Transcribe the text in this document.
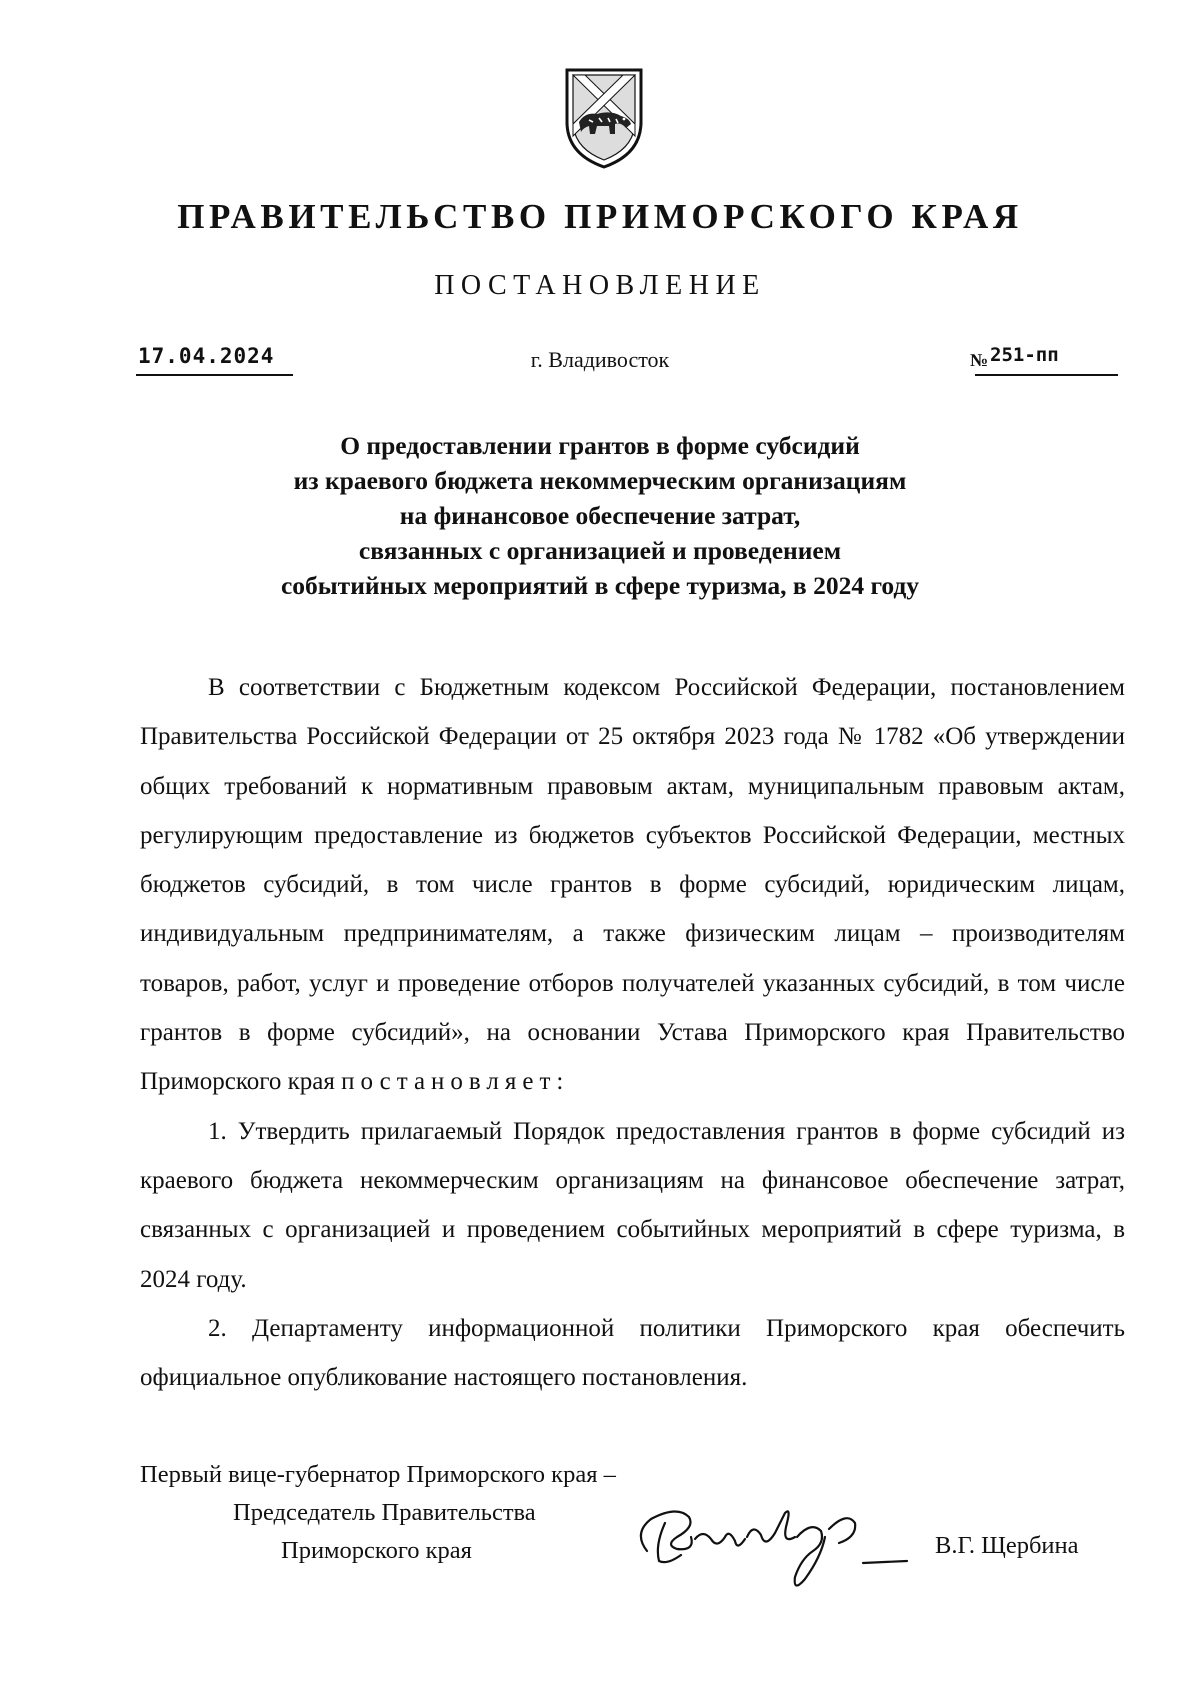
ПРАВИТЕЛЬСТВО ПРИМОРСКОГО КРАЯ
ПОСТАНОВЛЕНИЕ
17.04.2024	г. Владивосток	№ 251-пп
О предоставлении грантов в форме субсидий
из краевого бюджета некоммерческим организациям
на финансовое обеспечение затрат,
связанных с организацией и проведением
событийных мероприятий в сфере туризма, в 2024 году

В соответствии с Бюджетным кодексом Российской Федерации, постановлением Правительства Российской Федерации от 25 октября 2023 года № 1782 «Об утверждении общих требований к нормативным правовым актам, муниципальным правовым актам, регулирующим предоставление из бюджетов субъектов Российской Федерации, местных бюджетов субсидий, в том числе грантов в форме субсидий, юридическим лицам, индивидуальным предпринимателям, а также физическим лицам – производителям товаров, работ, услуг и проведение отборов получателей указанных субсидий, в том числе грантов в форме субсидий», на основании Устава Приморского края Правительство Приморского края постановляет:

1. Утвердить прилагаемый Порядок предоставления грантов в форме субсидий из краевого бюджета некоммерческим организациям на финансовое обеспечение затрат, связанных с организацией и проведением событийных мероприятий в сфере туризма, в 2024 году.

2. Департаменту информационной политики Приморского края обеспечить официальное опубликование настоящего постановления.

Первый вице-губернатор Приморского края –
Председатель Правительства
Приморского края	В.Г. Щербина
